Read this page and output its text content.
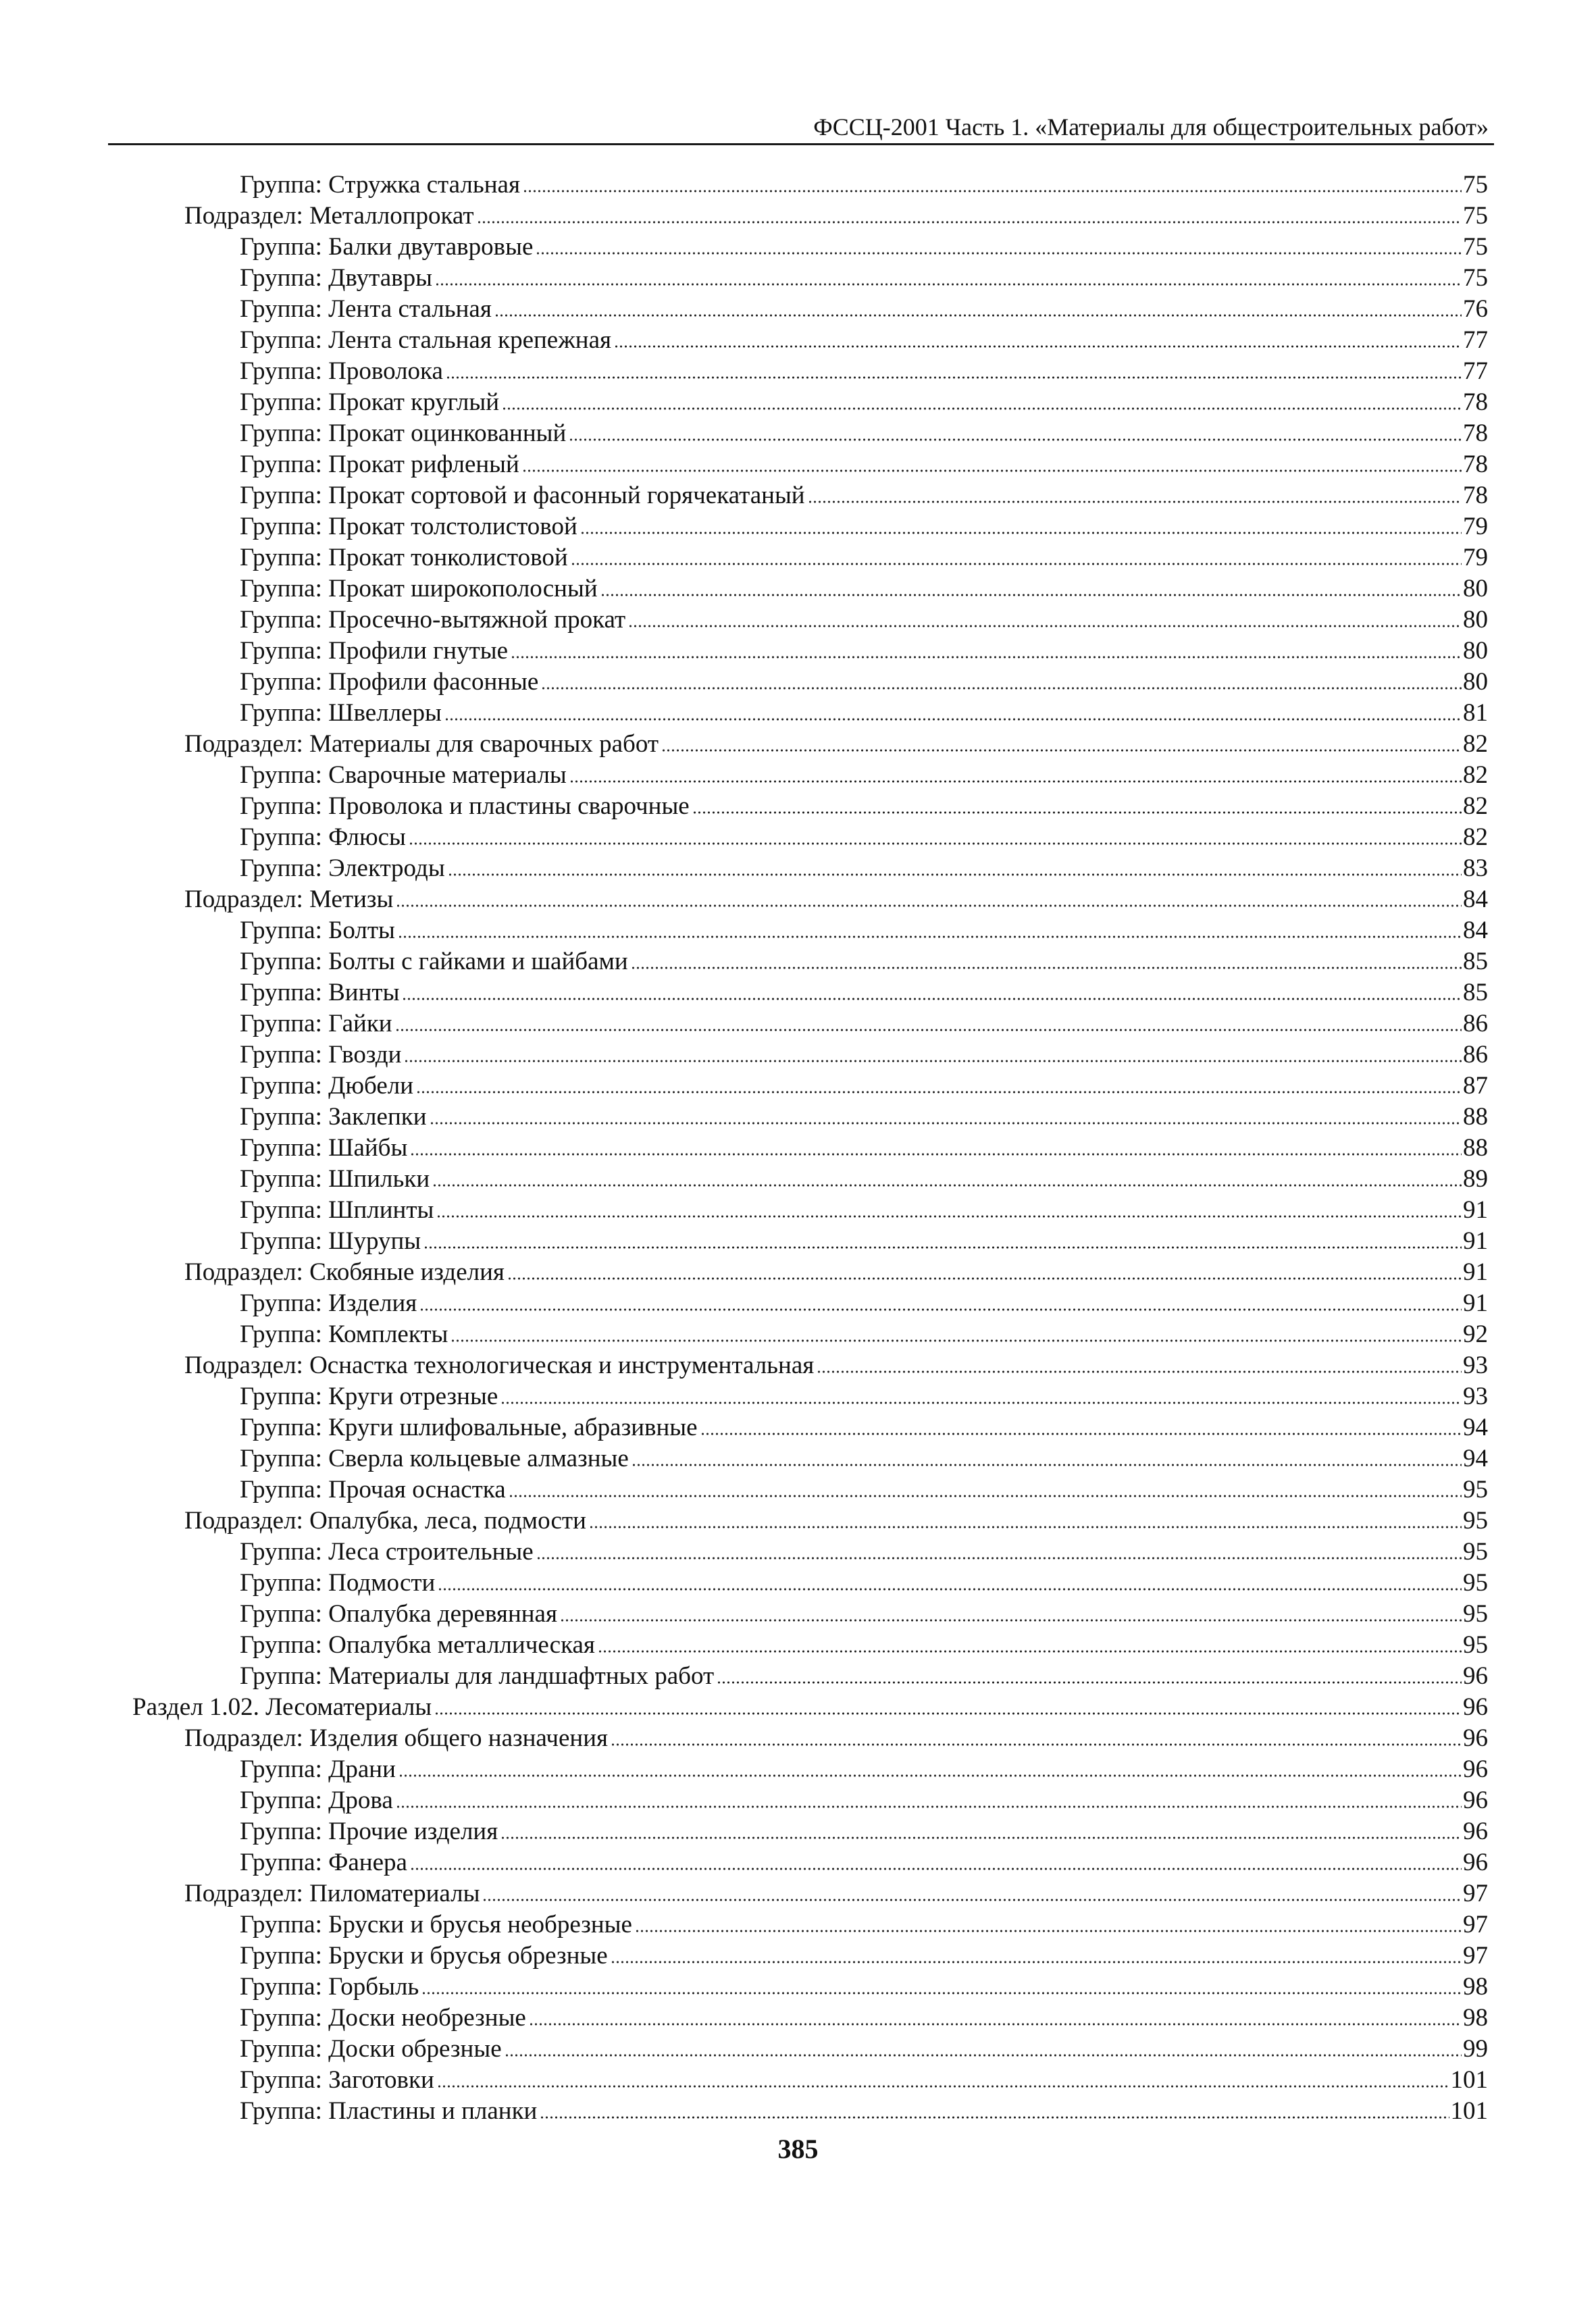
ФССЦ-2001 Часть 1. «Материалы для общестроительных работ»
Группа: Стружка стальная	75
Подраздел: Металлопрокат	75
Группа: Балки двутавровые	75
Группа: Двутавры	75
Группа: Лента стальная	76
Группа: Лента стальная крепежная	77
Группа: Проволока	77
Группа: Прокат круглый	78
Группа: Прокат оцинкованный	78
Группа: Прокат рифленый	78
Группа: Прокат сортовой и фасонный горячекатаный	78
Группа: Прокат толстолистовой	79
Группа: Прокат тонколистовой	79
Группа: Прокат широкополосный	80
Группа: Просечно-вытяжной прокат	80
Группа: Профили гнутые	80
Группа: Профили фасонные	80
Группа: Швеллеры	81
Подраздел: Материалы для сварочных работ	82
Группа: Сварочные материалы	82
Группа: Проволока и пластины сварочные	82
Группа: Флюсы	82
Группа: Электроды	83
Подраздел: Метизы	84
Группа: Болты	84
Группа: Болты с гайками и шайбами	85
Группа: Винты	85
Группа: Гайки	86
Группа: Гвозди	86
Группа: Дюбели	87
Группа: Заклепки	88
Группа: Шайбы	88
Группа: Шпильки	89
Группа: Шплинты	91
Группа: Шурупы	91
Подраздел: Скобяные изделия	91
Группа: Изделия	91
Группа: Комплекты	92
Подраздел: Оснастка технологическая и инструментальная	93
Группа: Круги отрезные	93
Группа: Круги шлифовальные, абразивные	94
Группа: Сверла кольцевые алмазные	94
Группа: Прочая оснастка	95
Подраздел: Опалубка, леса, подмости	95
Группа: Леса строительные	95
Группа: Подмости	95
Группа: Опалубка деревянная	95
Группа: Опалубка металлическая	95
Группа: Материалы для ландшафтных работ	96
Раздел 1.02. Лесоматериалы	96
Подраздел: Изделия общего назначения	96
Группа: Драни	96
Группа: Дрова	96
Группа: Прочие изделия	96
Группа: Фанера	96
Подраздел: Пиломатериалы	97
Группа: Бруски и брусья необрезные	97
Группа: Бруски и брусья обрезные	97
Группа: Горбыль	98
Группа: Доски необрезные	98
Группа: Доски обрезные	99
Группа: Заготовки	101
Группа: Пластины и планки	101
385
